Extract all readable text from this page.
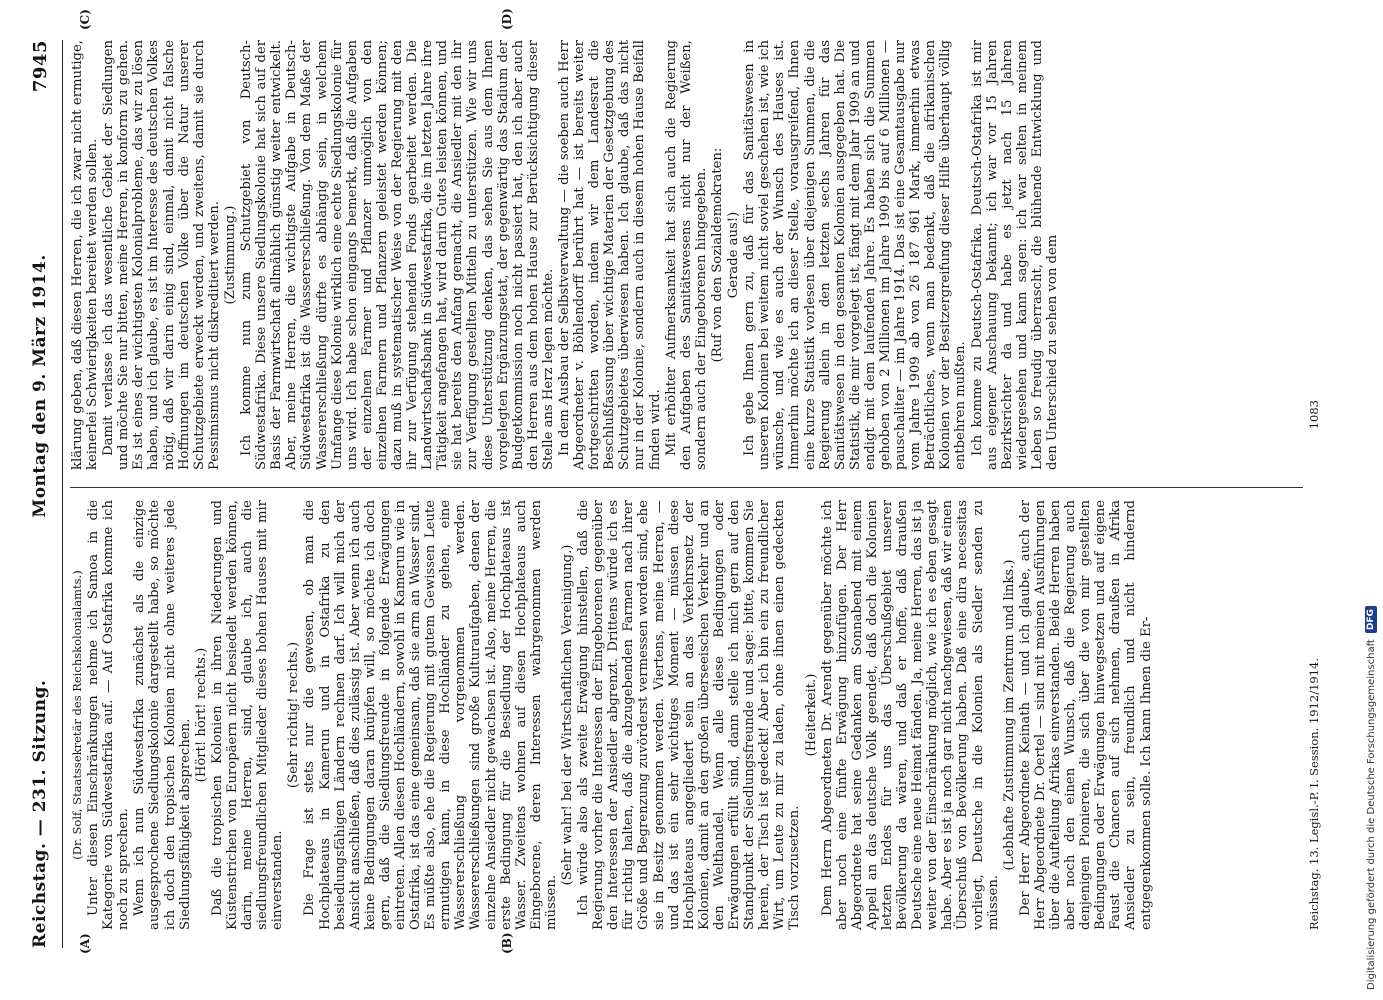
Reichstag. — 231. Sitzung.
Montag den 9. März 1914.
7945
(A)	(B)
(C)	(D)

(Dr. Solf, Staatssekretär des Reichskolonialamts.) Unter diesen Einschränkungen nehme ich Samoa in die Kategorie von Südwestafrika auf. — Auf Ostafrika komme ich noch zu sprechen. Wenn ich nun Südwestafrika zunächst als die einzige ausgesprochene Siedlungskolonie dargestellt habe, so möchte ich doch den tropischen Kolonien nicht ohne weiteres jede Siedlungsfähigkeit absprechen.

(Hört! hört! rechts.) Daß die tropischen Kolonien in ihren Niederungen und Küstenstrichen von Europäern nicht besiedelt werden können, darin, meine Herren, sind, glaube ich, auch die siedlungsfreundlichen Mitglieder dieses hohen Hauses mit mir einverstanden.

(Sehr richtig! rechts.) Die Frage ist stets nur die gewesen, ob man die Hochplateaus in Kamerun und in Ostafrika zu den besiedlungsfähigen Ländern rechnen darf. Ich will mich der Ansicht anschließen, daß dies zulässig ist. Aber wenn ich auch keine Bedingungen daran knüpfen will, so möchte ich doch gern, daß die Siedlungsfreunde in folgende Erwägungen eintreten. Allen diesen Hochländern, sowohl in Kamerun wie in Ostafrika, ist das eine gemeinsam, daß sie arm an Wasser sind. Es müßte also, ehe die Regierung mit gutem Gewissen Leute ermutigen kann, in diese Hochländer zu gehen, eine Wassererschließung vorgenommen werden. Wassererschließungen sind große Kulturaufgaben, denen der einzelne Ansiedler nicht gewachsen ist. Also, meine Herren, die erste Bedingung für die Besiedlung der Hochplateaus ist Wasser. Zweitens wohnen auf diesen Hochplateaus auch Eingeborene, deren Interessen wahrgenommen werden müssen.

(Sehr wahr! bei der Wirtschaftlichen Vereinigung.) Ich würde also als zweite Erwägung hinstellen, daß die Regierung vorher die Interessen der Eingeborenen gegenüber den Interessen der Ansiedler abgrenzt. Drittens würde ich es für richtig halten, daß die abzugebenden Farmen nach ihrer Größe und Begrenzung zuvörderst vermessen worden sind, ehe sie in Besitz genommen werden. Viertens, meine Herren, — und das ist ein sehr wichtiges Moment — müssen diese Hochplateaus angegliedert sein an das Verkehrsnetz der Kolonien, damit an den großen überseeischen Verkehr und an den Welthandel. Wenn alle diese Bedingungen oder Erwägungen erfüllt sind, dann stelle ich mich gern auf den Standpunkt der Siedlungsfreunde und sage: bitte, kommen Sie herein, der Tisch ist gedeckt! Aber ich bin ein zu freundlicher Wirt, um Leute zu mir zu laden, ohne ihnen einen gedeckten Tisch vorzusetzen.

(Heiterkeit.) Dem Herrn Abgeordneten Dr. Arendt gegenüber möchte ich aber noch eine fünfte Erwägung hinzufügen. Der Herr Abgeordnete hat seine Gedanken am Sonnabend mit einem Appell an das deutsche Volk geendet, daß doch die Kolonien letzten Endes für uns das Überschußgebiet unserer Bevölkerung da wären, und daß er hoffe, daß draußen Deutsche eine neue Heimat fänden. Ja, meine Herren, das ist ja weiter von der Einschränkung möglich, wie ich es eben gesagt habe. Aber es ist ja noch gar nicht nachgewiesen, daß wir einen Überschuß von Bevölkerung haben. Daß eine dira necessitas vorliegt, Deutsche in die Kolonien als Siedler senden zu müssen.

(Lebhafte Zustimmung im Zentrum und links.) Der Herr Abgeordnete Keinath — und ich glaube, auch der Herr Abgeordnete Dr. Oertel — sind mit meinen Ausführungen über die Aufteilung Afrikas einverstanden. Beide Herren haben aber noch den einen Wunsch, daß die Regierung auch denjenigen Pionieren, die sich über die von mir gestellten Bedingungen oder Erwägungen hinwegsetzen und auf eigene Faust die Chancen auf sich nehmen, draußen in Afrika Ansiedler zu sein, freundlich und nicht hindernd entgegenkommen solle. Ich kann Ihnen die Er-

klärung geben, daß diesen Herren, die ich zwar nicht ermutige, keinerlei Schwierigkeiten bereitet werden sollen. Damit verlasse ich das wesentliche Gebiet der Siedlungen und möchte Sie nur bitten, meine Herren, in konform zu gehen. Es ist eines der wichtigsten Kolonialprobleme, das wir zu lösen haben, und ich glaube, es ist im Interesse des deutschen Volkes nötig, daß wir darin einig sind, einmal, damit nicht falsche Hoffnungen im deutschen Volke über die Natur unserer Schutzgebiete erweckt werden, und zweitens, damit sie durch Pessimismus nicht diskreditiert werden. (Zustimmung.) Ich komme nun zum Schutzgebiet von Deutsch-Südwestafrika. Diese unsere Siedlungskolonie hat sich auf der Basis der Farmwirtschaft allmählich günstig weiter entwickelt. Aber, meine Herren, die wichtigste Aufgabe in Deutsch-Südwestafrika ist die Wassererschließung. Von dem Maße der Wassererschließung dürfte es abhängig sein, in welchem Umfange diese Kolonie wirklich eine echte Siedlungskolonie für uns wird. Ich habe schon eingangs bemerkt, daß die Aufgaben der einzelnen Farmer und Pflanzer unmöglich von den einzelnen Farmern und Pflanzern geleistet werden können; dazu muß in systematischer Weise von der Regierung mit den ihr zur Verfügung stehenden Fonds gearbeitet werden. Die Landwirtschaftsbank in Südwestafrika, die im letzten Jahre ihre Tätigkeit angefangen hat, wird darin Gutes leisten können, und sie hat bereits den Anfang gemacht, die Ansiedler mit den ihr zur Verfügung gestellten Mitteln zu unterstützen. Wie wir uns diese Unterstützung denken, das sehen Sie aus dem Ihnen vorgelegten Ergänzungsetat, der gegenwärtig das Stadium der Budgetkommission noch nicht passiert hat, den ich aber auch den Herren aus dem hohen Hause zur Berücksichtigung dieser Stelle ans Herz legen möchte. In dem Ausbau der Selbstverwaltung — die soeben auch Herr Abgeordneter v. Böhlendorff berührt hat — ist bereits weiter fortgeschritten worden, indem wir dem Landesrat die Beschlußfassung über wichtige Materien der Gesetzgebung des Schutzgebietes überwiesen haben. Ich glaube, daß das nicht nur in der Kolonie, sondern auch in diesem hohen Hause Beifall finden wird. Mit erhöhter Aufmerksamkeit hat sich auch die Regierung den Aufgaben des Sanitätswesens nicht nur der Weißen, sondern auch der Eingeborenen hingegeben. (Ruf von den Sozialdemokraten: Gerade aus!) Ich gebe Ihnen gern zu, daß für das Sanitätswesen in unseren Kolonien bei weitem nicht soviel geschehen ist, wie ich wünsche, und wie es auch der Wunsch des Hauses ist. Immerhin möchte ich an dieser Stelle, vorausgreifend, Ihnen eine kurze Statistik vorlesen über diejenigen Summen, die die Regierung allein in den letzten sechs Jahren für das Sanitätswesen in den gesamten Kolonien ausgegeben hat. Die Statistik, die mir vorgelegt ist, fängt mit dem Jahr 1909 an und endigt mit dem laufenden Jahre. Es haben sich die Summen gehoben von 2 Millionen im Jahre 1909 bis auf 6 Millionen — pauschaliter — im Jahre 1914. Das ist eine Gesamtausgabe nur vom Jahre 1909 ab von 26 187 961 Mark, immerhin etwas Beträchtliches, wenn man bedenkt, daß die afrikanischen Kolonien vor der Besitzergreifung dieser Hilfe überhaupt völlig entbehren mußten. Ich komme zu Deutsch-Ostafrika. Deutsch-Ostafrika ist mir aus eigener Anschauung bekannt; ich war vor 15 Jahren Bezirksrichter da und habe es jetzt nach 15 Jahren wiedergesehen und kann sagen: ich war selten in meinem Leben so freudig überrascht, die blühende Entwicklung und den Unterschied zu sehen von dem

Reichstag. 13. Legisl.-P. I. Session. 1912/1914.
1083
Digitalisierung gefördert durch die Deutsche Forschungsgemeinschaft
DFG
